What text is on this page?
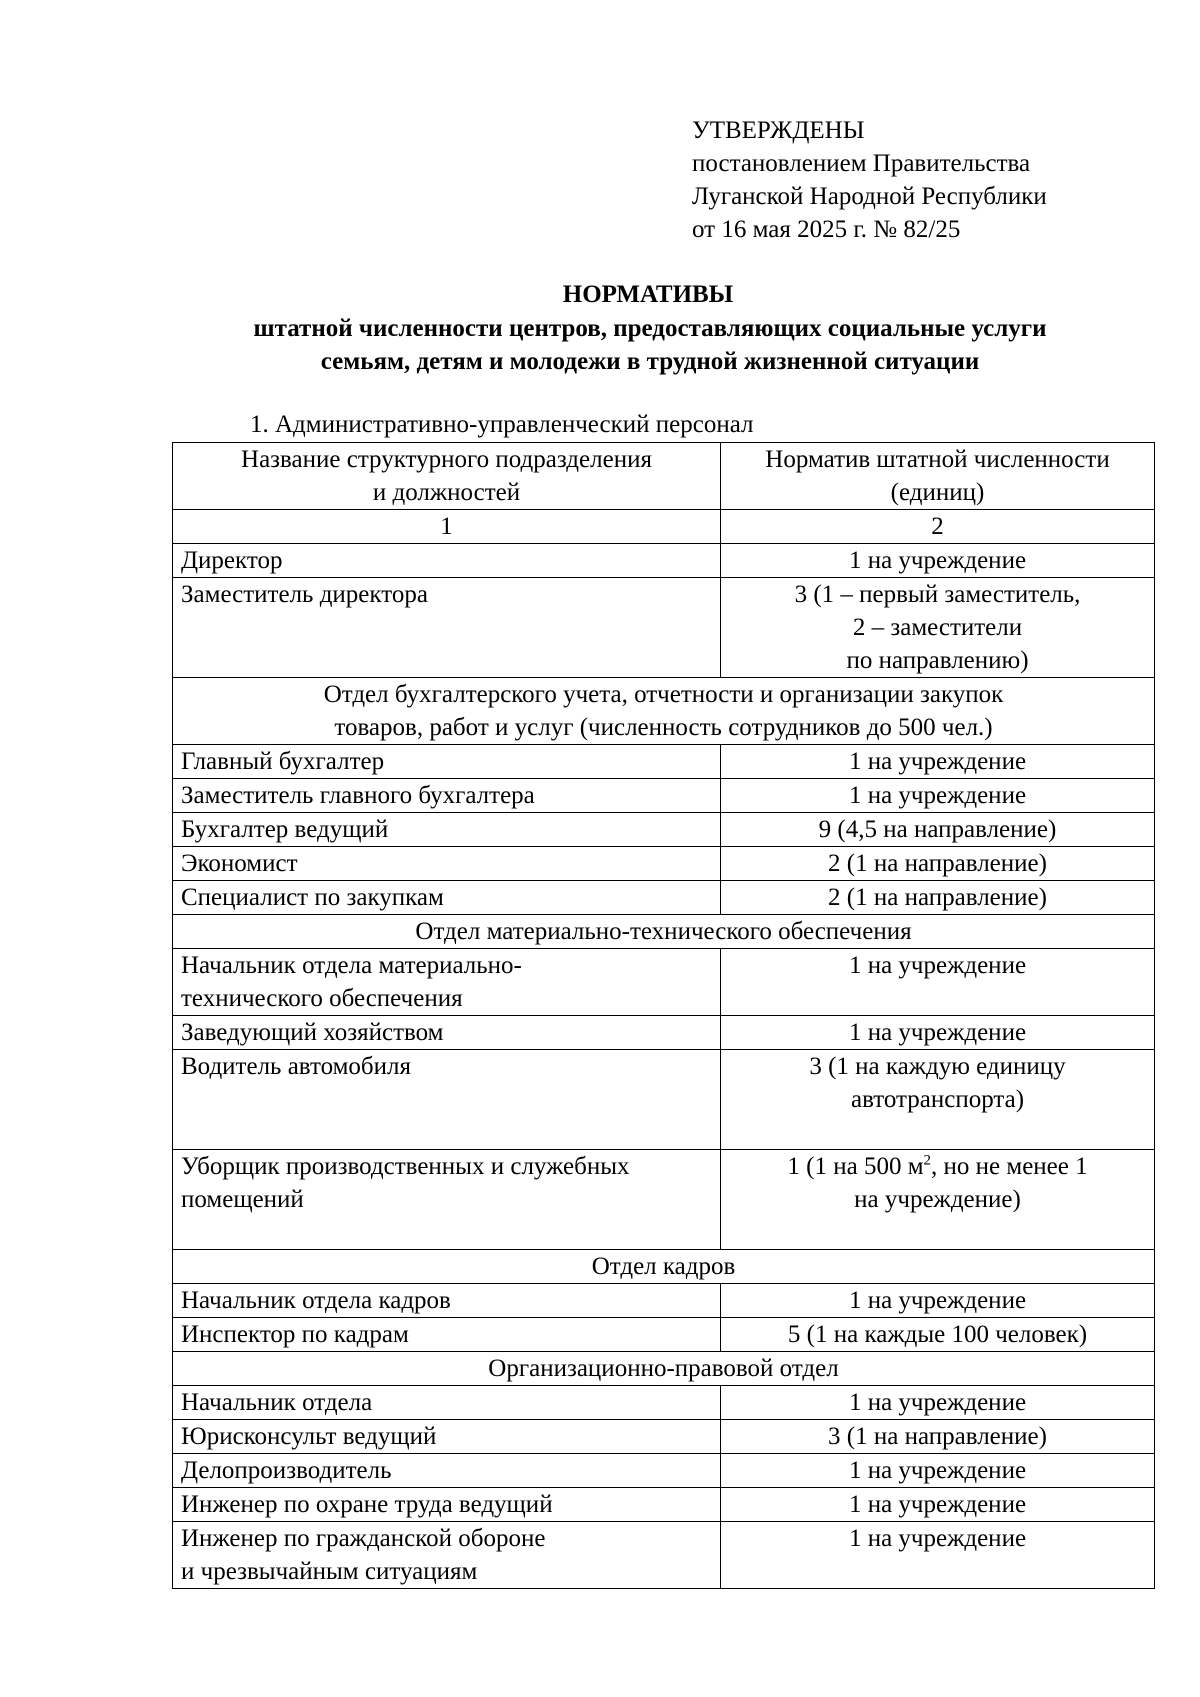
УТВЕРЖДЕНЫ
постановлением Правительства
Луганской Народной Республики
от 16 мая 2025 г. № 82/25
НОРМАТИВЫ
штатной численности центров, предоставляющих социальные услуги
семьям, детям и молодежи в трудной жизненной ситуации
1. Административно-управленческий персонал
Название структурного подразделения
и должностей	Норматив штатной численности
(единиц)

1	2
Директор	1 на учреждение
Заместитель директора	3 (1 – первый заместитель,
2 – заместители
по направлению)

Отдел бухгалтерского учета, отчетности и организации закупок
товаров, работ и услуг (численность сотрудников до 500 чел.)	

Главный бухгалтер	1 на учреждение
Заместитель главного бухгалтера	1 на учреждение
Бухгалтер ведущий	9 (4,5 на направление)
Экономист	2 (1 на направление)
Специалист по закупкам	2 (1 на направление)
Отдел материально-технического обеспечения	

Начальник отдела материально-
технического обеспечения	1 на учреждение
Заведующий хозяйством	1 на учреждение
Водитель автомобиля	3 (1 на каждую единицу
автотранспорта)

Уборщик производственных и служебных
помещений	1 (1 на 500 $м^2$, но не менее 1
на учреждение)

Отдел кадров	
Начальник отдела кадров	1 на учреждение
Инспектор по кадрам	5 (1 на каждые 100 человек)
Организационно-правовой отдел	
Начальник отдела	1 на учреждение
Юрисконсульт ведущий	3 (1 на направление)
Делопроизводитель	1 на учреждение
Инженер по охране труда ведущий	1 на учреждение

Инженер по гражданской обороне
и чрезвычайным ситуациям	1 на учреждение
